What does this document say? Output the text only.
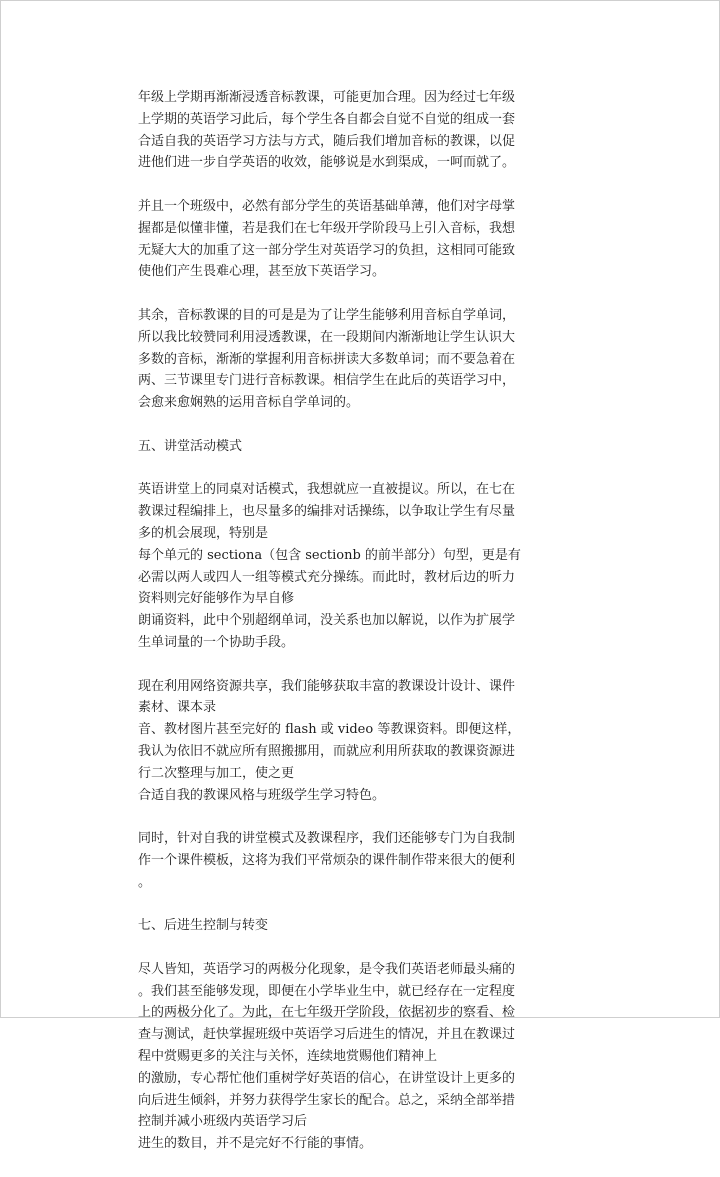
年级上学期再渐渐浸透音标教课，可能更加合理。因为经过七年级
上学期的英语学习此后，每个学生各自都会自觉不自觉的组成一套
合适自我的英语学习方法与方式，随后我们增加音标的教课，以促
进他们进一步自学英语的收效，能够说是水到渠成，一呵而就了。
并且一个班级中，必然有部分学生的英语基础单薄，他们对字母掌
握都是似懂非懂，若是我们在七年级开学阶段马上引入音标，我想
无疑大大的加重了这一部分学生对英语学习的负担，这相同可能致
使他们产生畏难心理，甚至放下英语学习。
其余，音标教课的目的可是是为了让学生能够利用音标自学单词，
所以我比较赞同利用浸透教课，在一段期间内渐渐地让学生认识大
多数的音标，渐渐的掌握利用音标拼读大多数单词；而不要急着在
两、三节课里专门进行音标教课。相信学生在此后的英语学习中，
会愈来愈娴熟的运用音标自学单词的。
五、讲堂活动模式
英语讲堂上的同桌对话模式，我想就应一直被提议。所以，在七在
教课过程编排上，也尽量多的编排对话操练，以争取让学生有尽量
多的机会展现，特别是
每个单元的 sectiona（包含 sectionb 的前半部分）句型，更是有
必需以两人或四人一组等模式充分操练。而此时，教材后边的听力
资料则完好能够作为早自修
朗诵资料，此中个别超纲单词，没关系也加以解说，以作为扩展学
生单词量的一个协助手段。
现在利用网络资源共享，我们能够获取丰富的教课设计设计、课件
素材、课本录
音、教材图片甚至完好的 flash 或 video 等教课资料。即便这样，
我认为依旧不就应所有照搬挪用，而就应利用所获取的教课资源进
行二次整理与加工，使之更
合适自我的教课风格与班级学生学习特色。
同时，针对自我的讲堂模式及教课程序，我们还能够专门为自我制
作一个课件模板，这将为我们平常烦杂的课件制作带来很大的便利
。
七、后进生控制与转变
尽人皆知，英语学习的两极分化现象，是令我们英语老师最头痛的
。我们甚至能够发现，即便在小学毕业生中，就已经存在一定程度
上的两极分化了。为此，在七年级开学阶段，依据初步的察看、检
查与测试，赶快掌握班级中英语学习后进生的情况，并且在教课过
程中赏赐更多的关注与关怀，连续地赏赐他们精神上
的激励，专心帮忙他们重树学好英语的信心，在讲堂设计上更多的
向后进生倾斜，并努力获得学生家长的配合。总之，采纳全部举措
控制并减小班级内英语学习后
进生的数目，并不是完好不行能的事情。
